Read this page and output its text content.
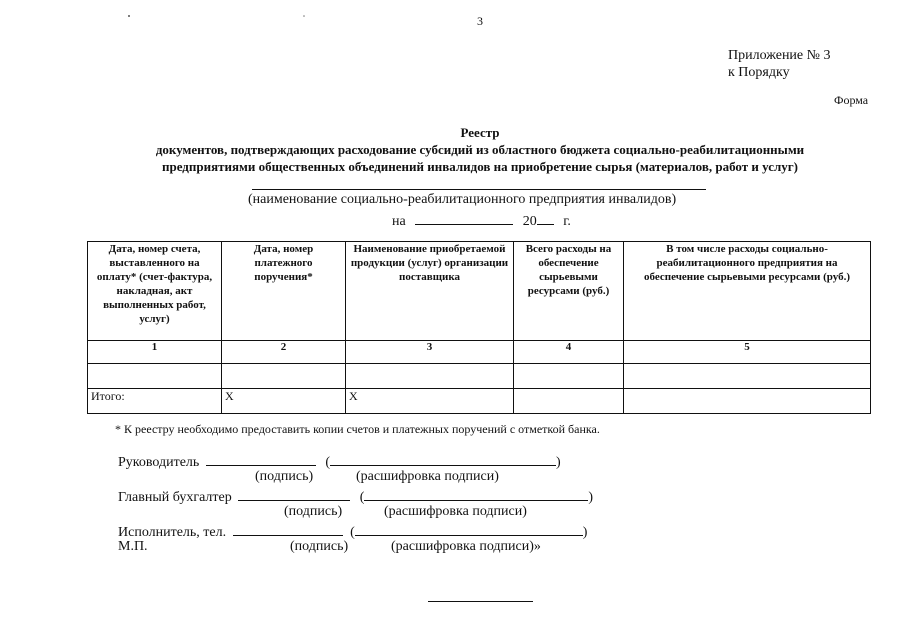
3
Приложение № 3
к Порядку
Форма
Реестр
документов, подтверждающих расходование субсидий из областного бюджета социально-реабилитационными
предприятиями общественных объединений инвалидов на приобретение сырья (материалов, работ и услуг)
(наименование социально-реабилитационного предприятия инвалидов)
на	20 г.
Дата, номер счета, выставленного на оплату* (счет-фактура, накладная, акт выполненных работ, услуг)	Дата, номер платежного поручения*	Наименование приобретаемой продукции (услуг) организации поставщика	Всего расходы на обеспечение сырьевыми ресурсами (руб.)	В том числе расходы социально-реабилитационного предприятия на обеспечение сырьевыми ресурсами (руб.)
1	2	3	4	5

Итого:	X	X		
* К реестру необходимо предоставить копии счетов и платежных поручений с отметкой банка.
Руководитель	(	)
(подпись)	(расшифровка подписи)
Главный бухгалтер	(	)
(подпись)	(расшифровка подписи)
Исполнитель, тел.	(	)
М.П.	(подпись)	(расшифровка подписи)»
